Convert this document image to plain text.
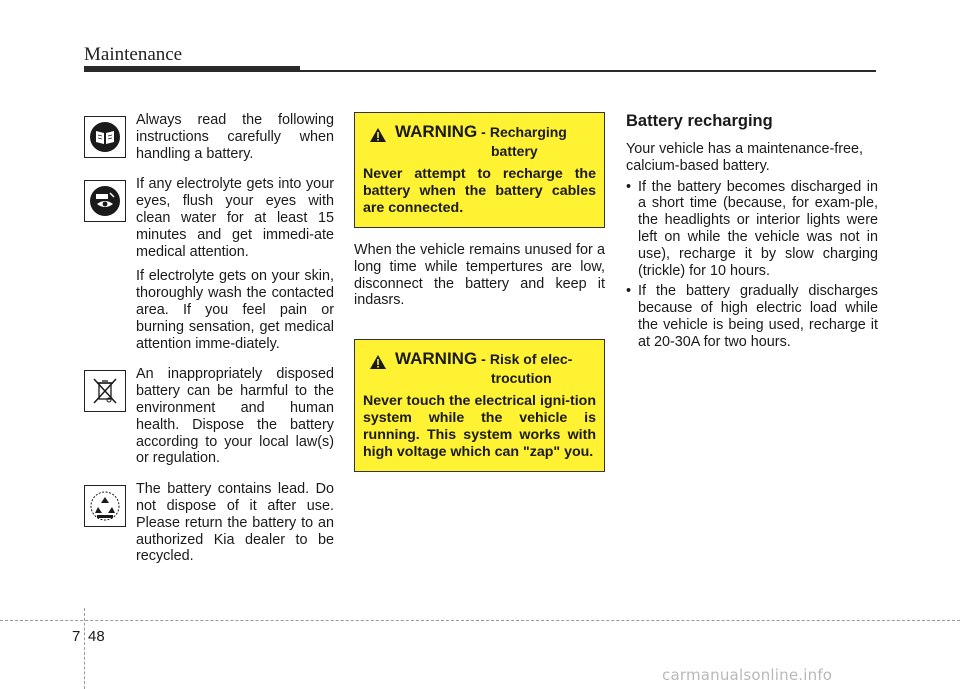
Maintenance

Always read the following instructions carefully when handling a battery.

If any electrolyte gets into your eyes, flush your eyes with clean water for at least 15 minutes and get immedi-ate medical attention.

If electrolyte gets on your skin, thoroughly wash the contacted area. If you feel pain or burning sensation, get medical attention imme-diately.

An inappropriately disposed battery can be harmful to the environment and human health. Dispose the battery according to your local law(s) or regulation.

The battery contains lead. Do not dispose of it after use. Please return the battery to an authorized Kia dealer to be recycled.

WARNING - Recharging
battery
Never attempt to recharge the battery when the battery cables are connected.

When the vehicle remains unused for a long time while tempertures are low, disconnect the battery and keep it indasrs.

WARNING - Risk of elec-
trocution
Never touch the electrical igni-tion system while the vehicle is running. This system works with high voltage which can "zap" you.
Battery recharging

Your vehicle has a maintenance-free, calcium-based battery.

• If the battery becomes discharged in a short time (because, for exam-ple, the headlights or interior lights were left on while the vehicle was not in use), recharge it by slow charging (trickle) for 10 hours.
• If the battery gradually discharges because of high electric load while the vehicle is being used, recharge it at 20-30A for two hours.
7 48
carmanualsonline.info
